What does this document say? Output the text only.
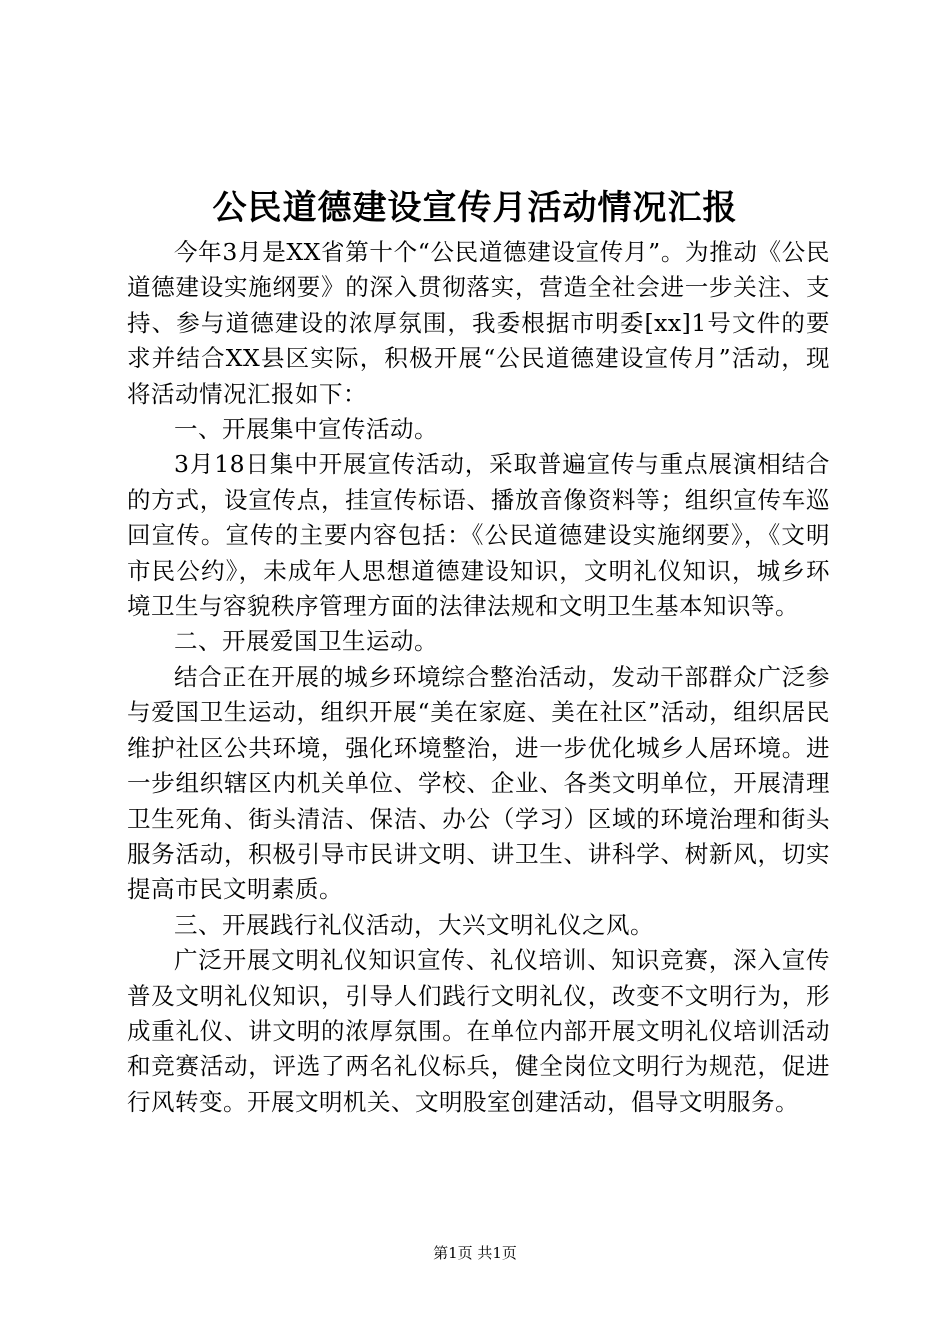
公民道德建设宣传月活动情况汇报

今年3月是XX省第十个“公民道德建设宣传月”。为推动《公民道德建设实施纲要》的深入贯彻落实，营造全社会进一步关注、支持、参与道德建设的浓厚氛围，我委根据市明委[xx]1号文件的要求并结合XX县区实际，积极开展“公民道德建设宣传月”活动，现将活动情况汇报如下：

一、开展集中宣传活动。

3月18日集中开展宣传活动，采取普遍宣传与重点展演相结合的方式，设宣传点，挂宣传标语、播放音像资料等；组织宣传车巡回宣传。宣传的主要内容包括：《公民道德建设实施纲要》，《文明市民公约》，未成年人思想道德建设知识，文明礼仪知识，城乡环境卫生与容貌秩序管理方面的法律法规和文明卫生基本知识等。

二、开展爱国卫生运动。

结合正在开展的城乡环境综合整治活动，发动干部群众广泛参与爱国卫生运动，组织开展“美在家庭、美在社区”活动，组织居民维护社区公共环境，强化环境整治，进一步优化城乡人居环境。进一步组织辖区内机关单位、学校、企业、各类文明单位，开展清理卫生死角、街头清洁、保洁、办公（学习）区域的环境治理和街头服务活动，积极引导市民讲文明、讲卫生、讲科学、树新风，切实提高市民文明素质。

三、开展践行礼仪活动，大兴文明礼仪之风。

广泛开展文明礼仪知识宣传、礼仪培训、知识竞赛，深入宣传普及文明礼仪知识，引导人们践行文明礼仪，改变不文明行为，形成重礼仪、讲文明的浓厚氛围。在单位内部开展文明礼仪培训活动和竞赛活动，评选了两名礼仪标兵，健全岗位文明行为规范，促进行风转变。开展文明机关、文明股室创建活动，倡导文明服务。

第1页 共1页
